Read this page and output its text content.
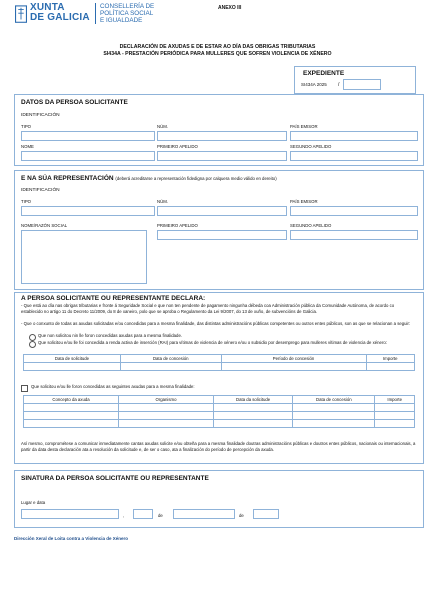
XUNTA
DE GALICIA
CONSELLERÍA DE
POLÍTICA SOCIAL
E IGUALDADE
ANEXO III
DECLARACIÓN DE AXUDAS E DE ESTAR AO DÍA DAS OBRIGAS TRIBUTARIAS
SI434A - PRESTACIÓN PERIÓDICA PARA MULLERES QUE SOFREN VIOLENCIA DE XÉNERO
EXPEDIENTE
SI434A 2025 /
DATOS DA PERSOA SOLICITANTE
IDENTIFICACIÓN
TIPO	NÚM.	PAÍS EMISOR
NOME	PRIMEIRO APELIDO	SEGUNDO APELIDO
E NA SÚA REPRESENTACIÓN (deberá acreditarse a representación fidedigna por calquera medio válido en dereito)
IDENTIFICACIÓN
TIPO	NÚM.	PAÍS EMISOR
NOME/RAZÓN SOCIAL	PRIMEIRO APELIDO	SEGUNDO APELIDO
A PERSOA SOLICITANTE OU REPRESENTANTE DECLARA:
- Que está ao día nas obrigas tributarias e fronte á Seguridade Social e que non ten pendente de pagamento ningunha débeda coa Administración pública da Comunidade Autónoma, de acordo co establecido no artigo 11 do Decreto 11/2009, do 8 de xaneiro, polo que se aproba o Regulamento da Lei 9/2007, do 13 de xuño, de subvencións de Galicia.
- Que o conxunto de todas as axudas solicitadas e/ou concedidas para a mesma finalidade, das distintas administracións públicas competentes ou outros entes públicos, son as que se relacionan a seguir:
Que non solicitou nin lle foron concedidas axudas para a mesma finalidade.
Que solicitou e/ou lle foi concedida a renda activa de inserción (RAI) para vítimas de violencia de xénero e/ou o subsidio por desemprego para mulleres vítimas de violencia de xénero:
Data de solicitude	Data de concesión	Período de concesión	Importe

Que solicitou e/ou lle foron concedidas as seguintes axudas para a mesma finalidade:
Concepto da axuda	Organismo	Data da solicitude	Data de concesión	Importe

Así mesmo, comprométese a comunicar inmediatamente cantas axudas solicite e/ou obteña para a mesma finalidade doutras administracións públicas e doutros entes públicos, nacionais ou internacionais, a partir da data desta declaración ata a resolución da solicitude e, de ser o caso, ata a finalización do período de percepción da axuda.
SINATURA DA PERSOA SOLICITANTE OU REPRESENTANTE
Lugar e data
,	de	de
Dirección Xeral de Loita contra a Violencia de Xénero
